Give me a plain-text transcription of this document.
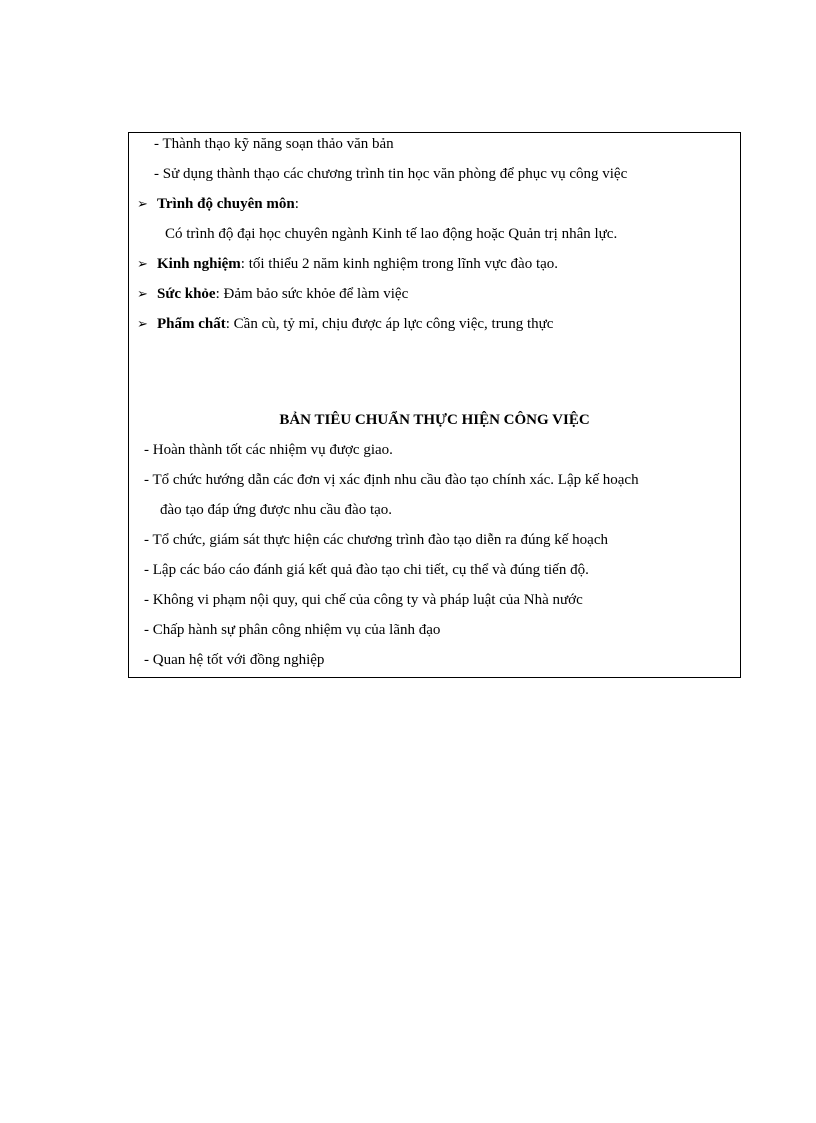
- Thành thạo kỹ năng soạn thảo văn bản
- Sử dụng thành thạo các chương trình tin học văn phòng để phục vụ công việc
➢ Trình độ chuyên môn:
Có trình độ đại học chuyên ngành Kinh tế lao động hoặc Quản trị nhân lực.
➢ Kinh nghiệm: tối thiểu 2 năm kinh nghiệm trong lĩnh vực đào tạo.
➢ Sức khỏe: Đảm bảo sức khỏe để làm việc
➢ Phẩm chất: Cần cù, tỷ mỉ, chịu được áp lực công việc, trung thực
BẢN TIÊU CHUẨN THỰC HIỆN CÔNG VIỆC
- Hoàn thành tốt các nhiệm vụ được giao.
- Tổ chức hướng dẫn các đơn vị xác định nhu cầu đào tạo chính xác. Lập kế hoạch
đào tạo đáp ứng được nhu cầu đào tạo.
- Tổ chức, giám sát thực hiện các chương trình đào tạo diễn ra đúng kế hoạch
- Lập các báo cáo đánh giá kết quả đào tạo chi tiết, cụ thể và đúng tiến độ.
- Không vi phạm nội quy, qui chế của công ty và pháp luật của Nhà nước
- Chấp hành sự phân công nhiệm vụ của lãnh đạo
- Quan hệ tốt với đồng nghiệp
